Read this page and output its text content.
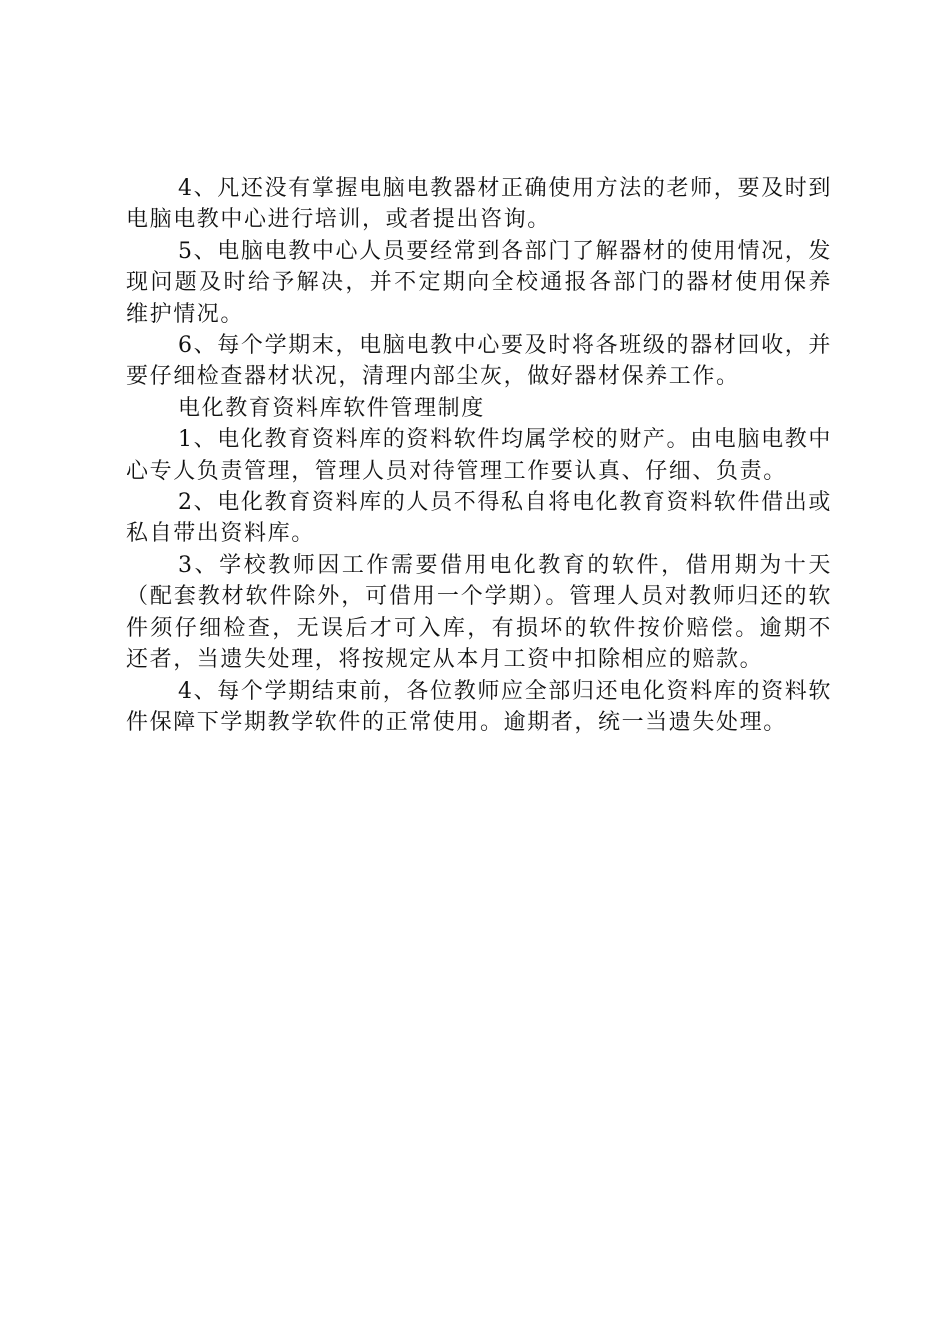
4、凡还没有掌握电脑电教器材正确使用方法的老师，要及时到电脑电教中心进行培训，或者提出咨询。

5、电脑电教中心人员要经常到各部门了解器材的使用情况，发现问题及时给予解决，并不定期向全校通报各部门的器材使用保养维护情况。

6、每个学期末，电脑电教中心要及时将各班级的器材回收，并要仔细检查器材状况，清理内部尘灰，做好器材保养工作。

电化教育资料库软件管理制度

1、电化教育资料库的资料软件均属学校的财产。由电脑电教中心专人负责管理，管理人员对待管理工作要认真、仔细、负责。

2、电化教育资料库的人员不得私自将电化教育资料软件借出或私自带出资料库。

3、学校教师因工作需要借用电化教育的软件，借用期为十天（配套教材软件除外，可借用一个学期）。管理人员对教师归还的软件须仔细检查，无误后才可入库，有损坏的软件按价赔偿。逾期不还者，当遗失处理，将按规定从本月工资中扣除相应的赔款。

4、每个学期结束前，各位教师应全部归还电化资料库的资料软件保障下学期教学软件的正常使用。逾期者，统一当遗失处理。
